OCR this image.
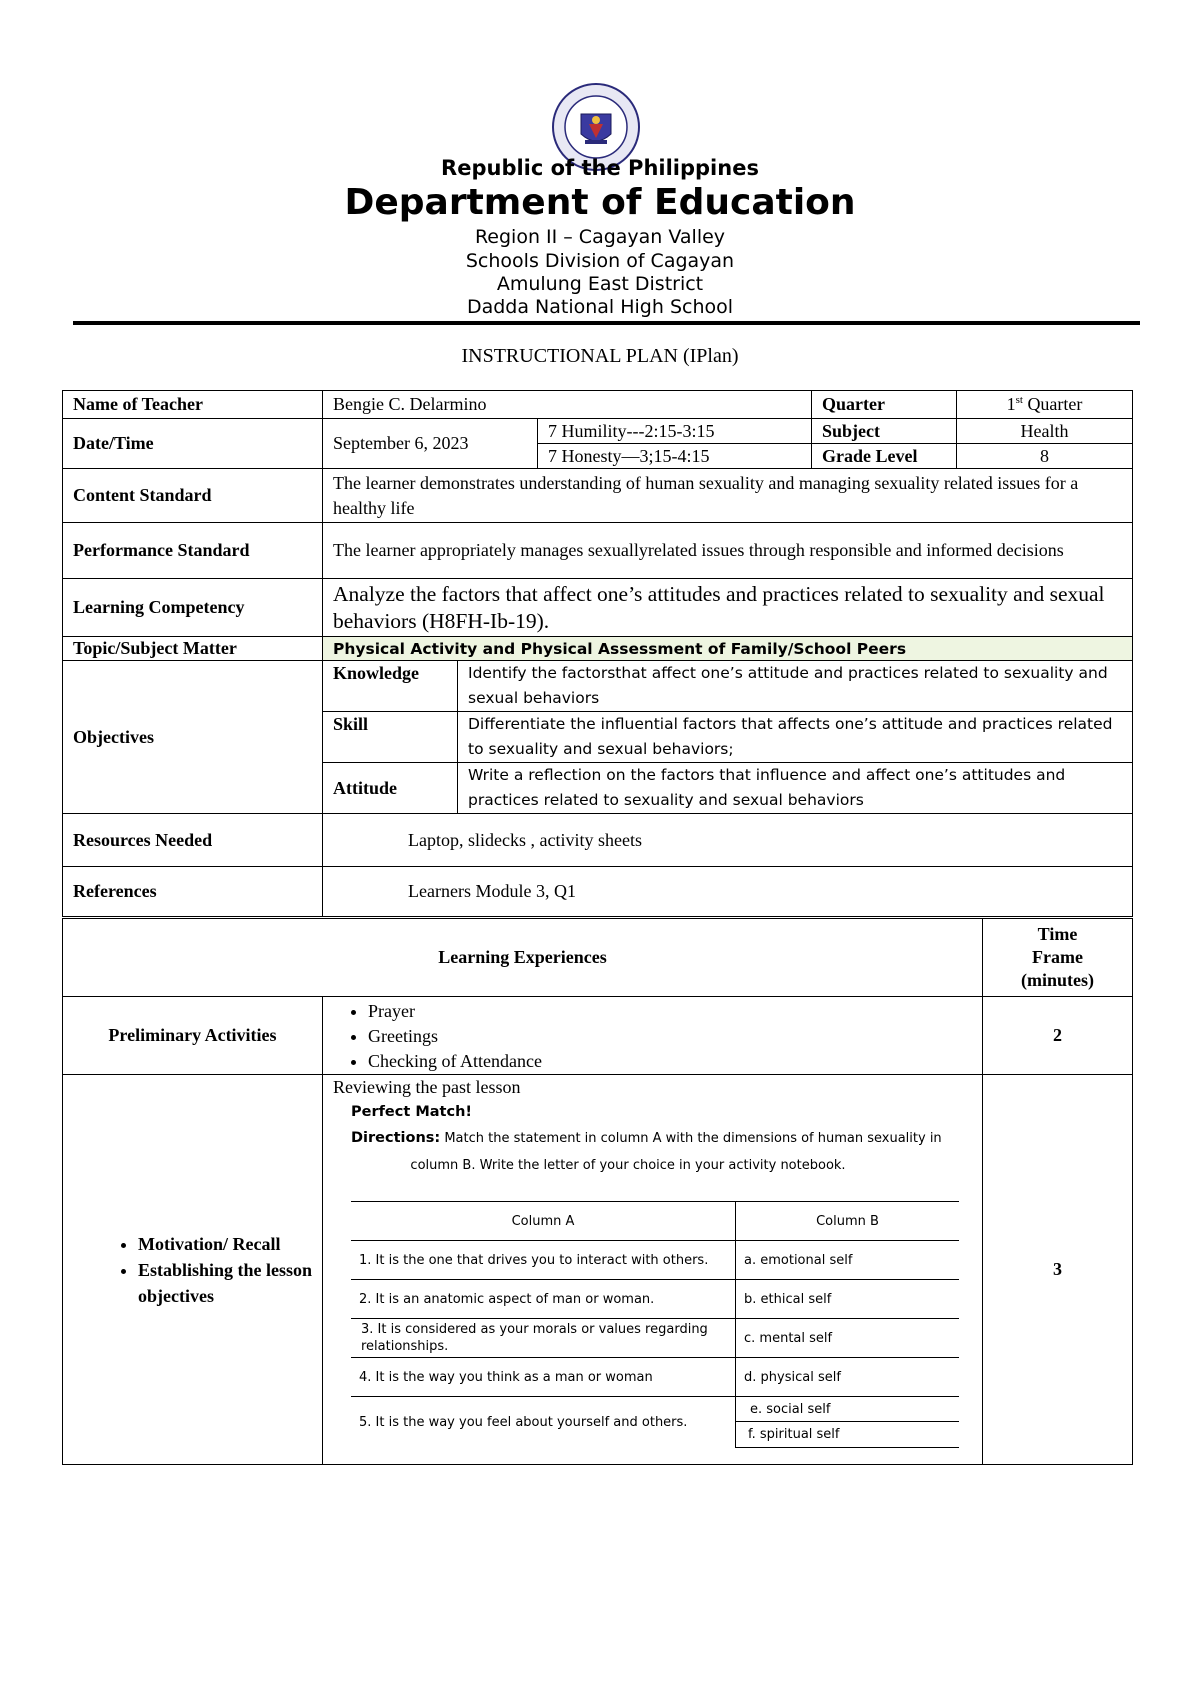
Republic of the Philippines
Department of Education
Region II – Cagayan Valley
Schools Division of Cagayan
Amulung East District
Dadda National High School
INSTRUCTIONAL PLAN (IPlan)
Name of Teacher	Bengie C. Delarmino	Quarter	1st Quarter
Date/Time	September 6, 2023	7 Humility---2:15-3:15	Subject	Health
7 Honesty—3;15-4:15	Grade Level	8
Content Standard	The learner demonstrates understanding of human sexuality and managing sexuality related issues for a healthy life
Performance Standard	The learner appropriately manages sexuallyrelated issues through responsible and informed decisions
Learning Competency	Analyze the factors that affect one’s attitudes and practices related to sexuality and sexual behaviors (H8FH-Ib-19).
Topic/Subject Matter	Physical Activity and Physical Assessment of Family/School Peers
Objectives	
Knowledge	Identify the factorsthat affect one’s attitude and practices related to sexuality and sexual behaviors
Skill	Differentiate the influential factors that affects one’s attitude and practices related to sexuality and sexual behaviors;
Attitude	Write a reflection on the factors that influence and affect one’s attitudes and practices related to sexuality and sexual behaviors

Resources Needed	Laptop, slidecks , activity sheets
References	Learners Module 3, Q1
Learning Experiences	
Time
Frame
(minutes)

Preliminary Activities	
• Prayer
• Greetings
• Checking of Attendance
	2

• Motivation/ Recall
• Establishing the lesson objectives

Reviewing the past lesson
Perfect Match!
Directions: Match the statement in column A with the dimensions of human sexuality in
column B. Write the letter of your choice in your activity notebook.
Column A	Column B
1. It is the one that drives you to interact with others.	a. emotional self
2. It is an anatomic aspect of man or woman.	b. ethical self
3. It is considered as your morals or values regarding relationships.	c. mental self
4. It is the way you think as a man or woman	d. physical self
5. It is the way you feel about yourself and others.	e. social self
f. spiritual self
	3
